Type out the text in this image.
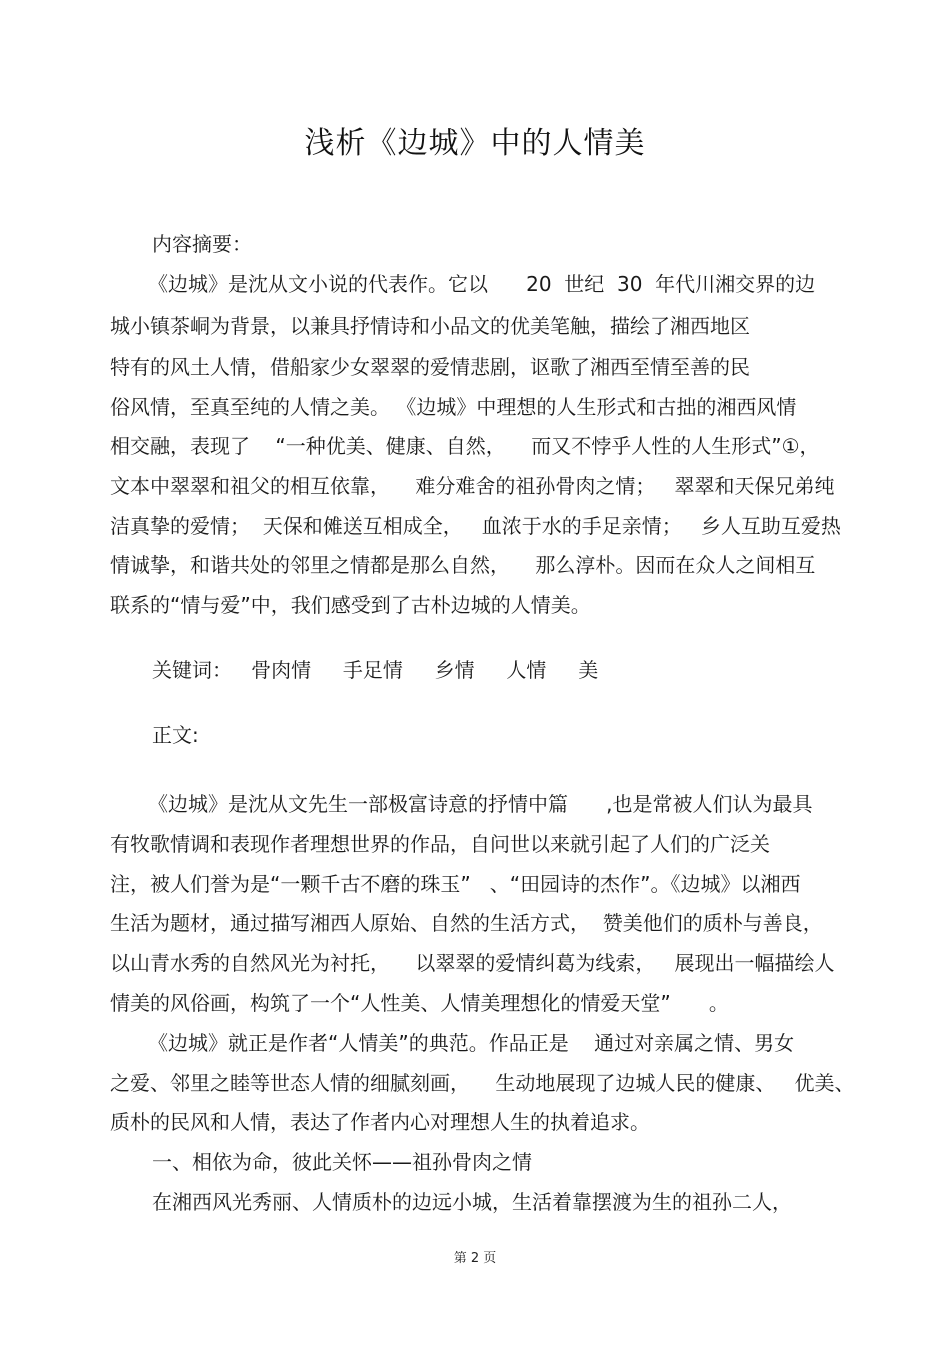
浅析《边城》中的人情美
内容摘要：
《边城》是沈从文小说的代表作。它以      20  世纪  30  年代川湘交界的边
城小镇茶峒为背景，以兼具抒情诗和小品文的优美笔触，描绘了湘西地区
特有的风土人情，借船家少女翠翠的爱情悲剧，讴歌了湘西至情至善的民
俗风情，至真至纯的人情之美。 《边城》中理想的人生形式和古拙的湘西风情
相交融，表现了    “一种优美、健康、自然，    而又不悖乎人性的人生形式”①，
文本中翠翠和祖父的相互依靠，    难分难舍的祖孙骨肉之情；   翠翠和天保兄弟纯
洁真挚的爱情；  天保和傩送互相成全，   血浓于水的手足亲情；   乡人互助互爱热
情诚挚，和谐共处的邻里之情都是那么自然，    那么淳朴。因而在众人之间相互
联系的“情与爱”中，我们感受到了古朴边城的人情美。
关键词：   骨肉情     手足情     乡情     人情     美
正文:
《边城》是沈从文先生一部极富诗意的抒情中篇      ,也是常被人们认为最具
有牧歌情调和表现作者理想世界的作品，自问世以来就引起了人们的广泛关
注，被人们誉为是“一颗千古不磨的珠玉”   、“田园诗的杰作”。《边城》以湘西
生活为题材，通过描写湘西人原始、自然的生活方式，  赞美他们的质朴与善良，
以山青水秀的自然风光为衬托，    以翠翠的爱情纠葛为线索，   展现出一幅描绘人
情美的风俗画，构筑了一个“人性美、人情美理想化的情爱天堂”      。
《边城》就正是作者“人情美”的典范。作品正是    通过对亲属之情、男女
之爱、邻里之睦等世态人情的细腻刻画，    生动地展现了边城人民的健康、   优美、
质朴的民风和人情，表达了作者内心对理想人生的执着追求。
一、相依为命，彼此关怀——祖孙骨肉之情
在湘西风光秀丽、人情质朴的边远小城，生活着靠摆渡为生的祖孙二人，
第 2 页
